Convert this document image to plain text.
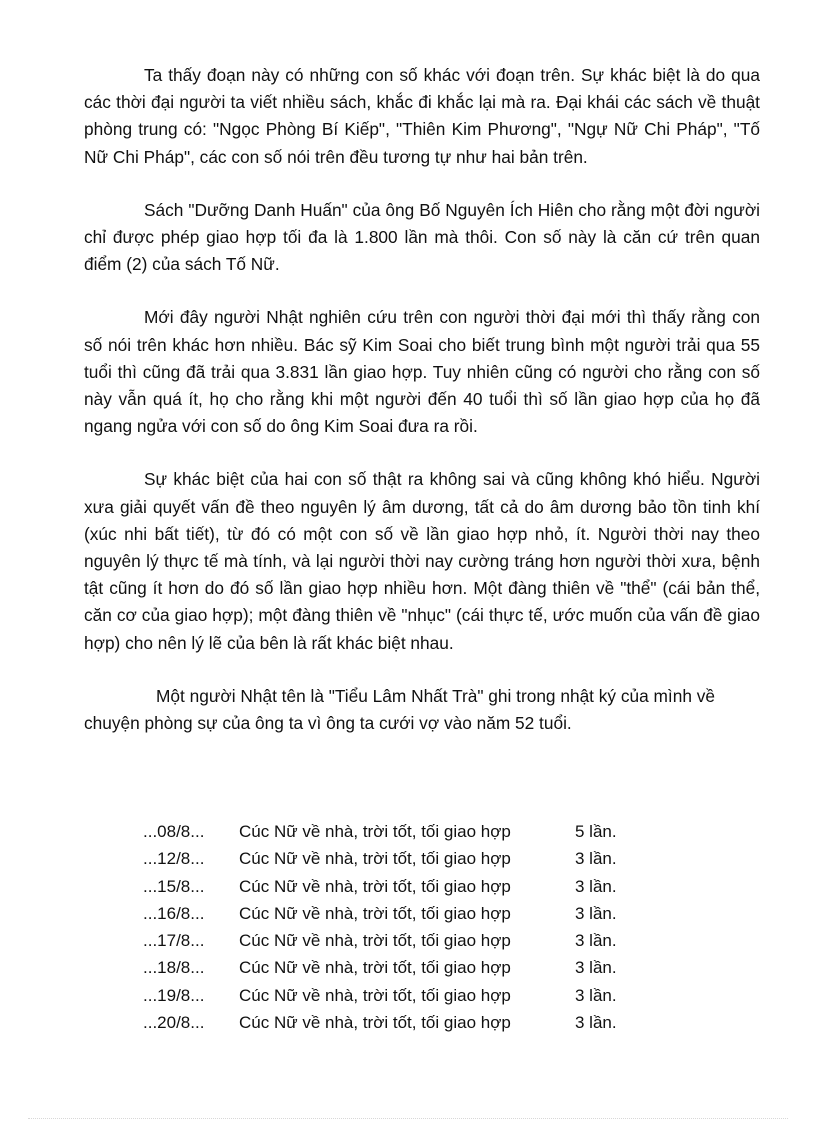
Ta thấy đoạn này có những con số khác với đoạn trên. Sự khác biệt là do qua các thời đại người ta viết nhiều sách, khắc đi khắc lại mà ra. Đại khái các sách về thuật phòng trung có: "Ngọc Phòng Bí Kiếp", "Thiên Kim Phương", "Ngự Nữ Chi Pháp", "Tố Nữ Chi Pháp", các con số nói trên đều tương tự như hai bản trên.

Sách "Dưỡng Danh Huấn" của ông Bố Nguyên Ích Hiên cho rằng một đời người chỉ được phép giao hợp tối đa là 1.800 lần mà thôi. Con số này là căn cứ trên quan điểm (2) của sách Tố Nữ.

Mới đây người Nhật nghiên cứu trên con người thời đại mới thì thấy rằng con số nói trên khác hơn nhiều. Bác sỹ Kim Soai cho biết trung bình một người trải qua 55 tuổi thì cũng đã trải qua 3.831 lần giao hợp. Tuy nhiên cũng có người cho rằng con số này vẫn quá ít, họ cho rằng khi một người đến 40 tuổi thì số lần giao hợp của họ đã ngang ngửa với con số do ông Kim Soai đưa ra rồi.

Sự khác biệt của hai con số thật ra không sai và cũng không khó hiểu. Người xưa giải quyết vấn đề theo nguyên lý âm dương, tất cả do âm dương bảo tồn tinh khí (xúc nhi bất tiết), từ đó có một con số về lần giao hợp nhỏ, ít. Người thời nay theo nguyên lý thực tế mà tính, và lại người thời nay cường tráng hơn người thời xưa, bệnh tật cũng ít hơn do đó số lần giao hợp nhiều hơn. Một đàng thiên về "thể" (cái bản thể, căn cơ của giao hợp); một đàng thiên về "nhục" (cái thực tế, ước muốn của vấn đề giao hợp) cho nên lý lẽ của bên là rất khác biệt nhau.

Một người Nhật tên là "Tiểu Lâm Nhất Trà" ghi trong nhật ký của mình về chuyện phòng sự của ông ta vì ông ta cưới vợ vào năm 52 tuổi.

...08/8... Cúc Nữ về nhà, trời tốt, tối giao hợp	5 lần.
...12/8... Cúc Nữ về nhà, trời tốt, tối giao hợp	3 lần.
...15/8... Cúc Nữ về nhà, trời tốt, tối giao hợp	3 lần.
...16/8... Cúc Nữ về nhà, trời tốt, tối giao hợp	3 lần.
...17/8... Cúc Nữ về nhà, trời tốt, tối giao hợp	3 lần.
...18/8... Cúc Nữ về nhà, trời tốt, tối giao hợp	3 lần.
...19/8... Cúc Nữ về nhà, trời tốt, tối giao hợp	3 lần.
...20/8... Cúc Nữ về nhà, trời tốt, tối giao hợp	3 lần.
